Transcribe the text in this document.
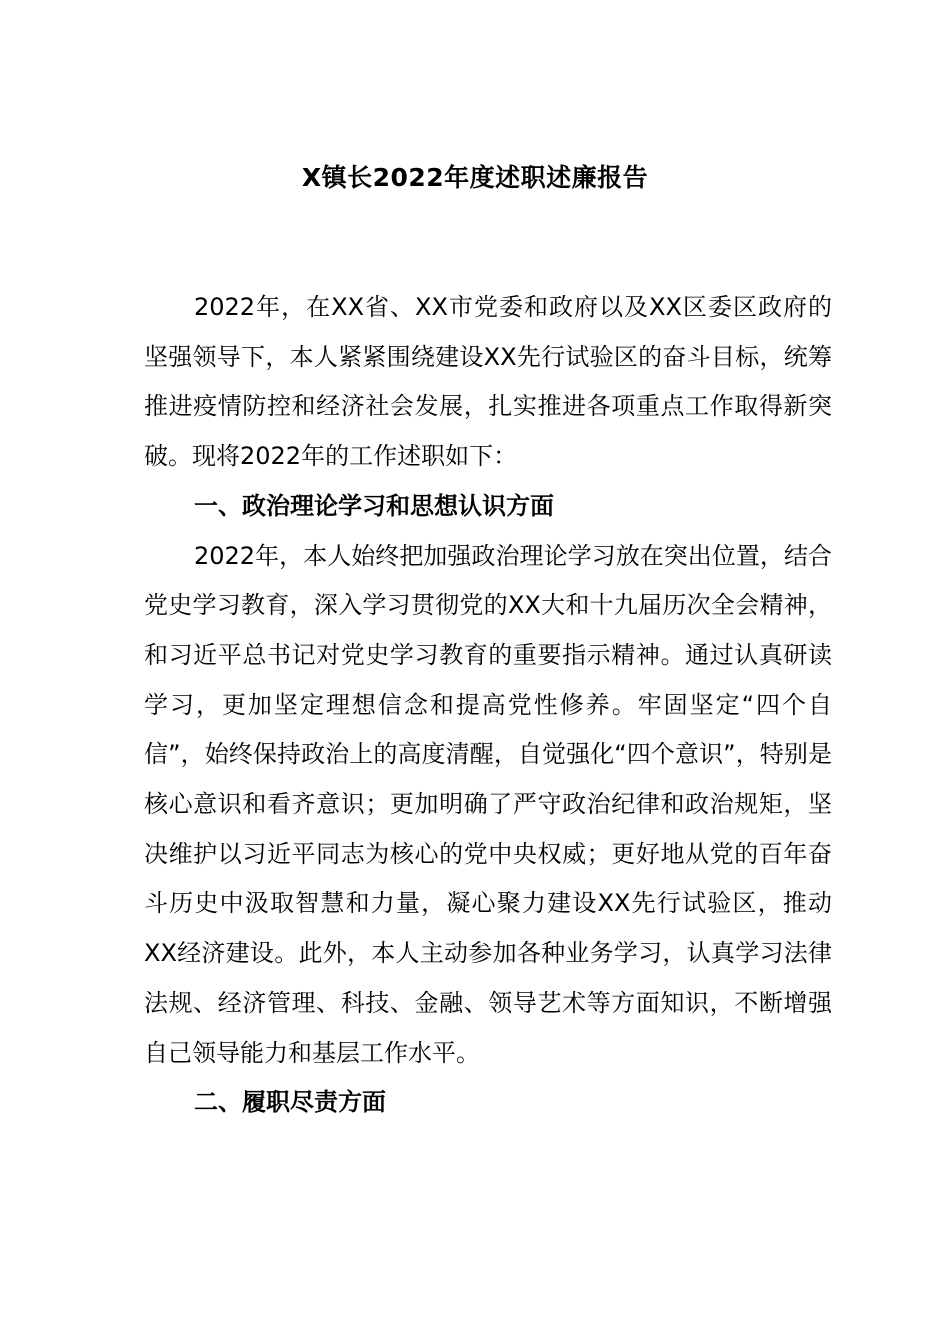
X镇长2022年度述职述廉报告

2022年，在XX省、XX市党委和政府以及XX区委区政府的坚强领导下，本人紧紧围绕建设XX先行试验区的奋斗目标，统筹推进疫情防控和经济社会发展，扎实推进各项重点工作取得新突破。现将2022年的工作述职如下：

一、政治理论学习和思想认识方面

2022年，本人始终把加强政治理论学习放在突出位置，结合党史学习教育，深入学习贯彻党的XX大和十九届历次全会精神，和习近平总书记对党史学习教育的重要指示精神。通过认真研读学习，更加坚定理想信念和提高党性修养。牢固坚定“四个自信”，始终保持政治上的高度清醒，自觉强化“四个意识”，特别是核心意识和看齐意识；更加明确了严守政治纪律和政治规矩，坚决维护以习近平同志为核心的党中央权威；更好地从党的百年奋斗历史中汲取智慧和力量，凝心聚力建设XX先行试验区，推动XX经济建设。此外，本人主动参加各种业务学习，认真学习法律法规、经济管理、科技、金融、领导艺术等方面知识，不断增强自己领导能力和基层工作水平。

二、履职尽责方面
